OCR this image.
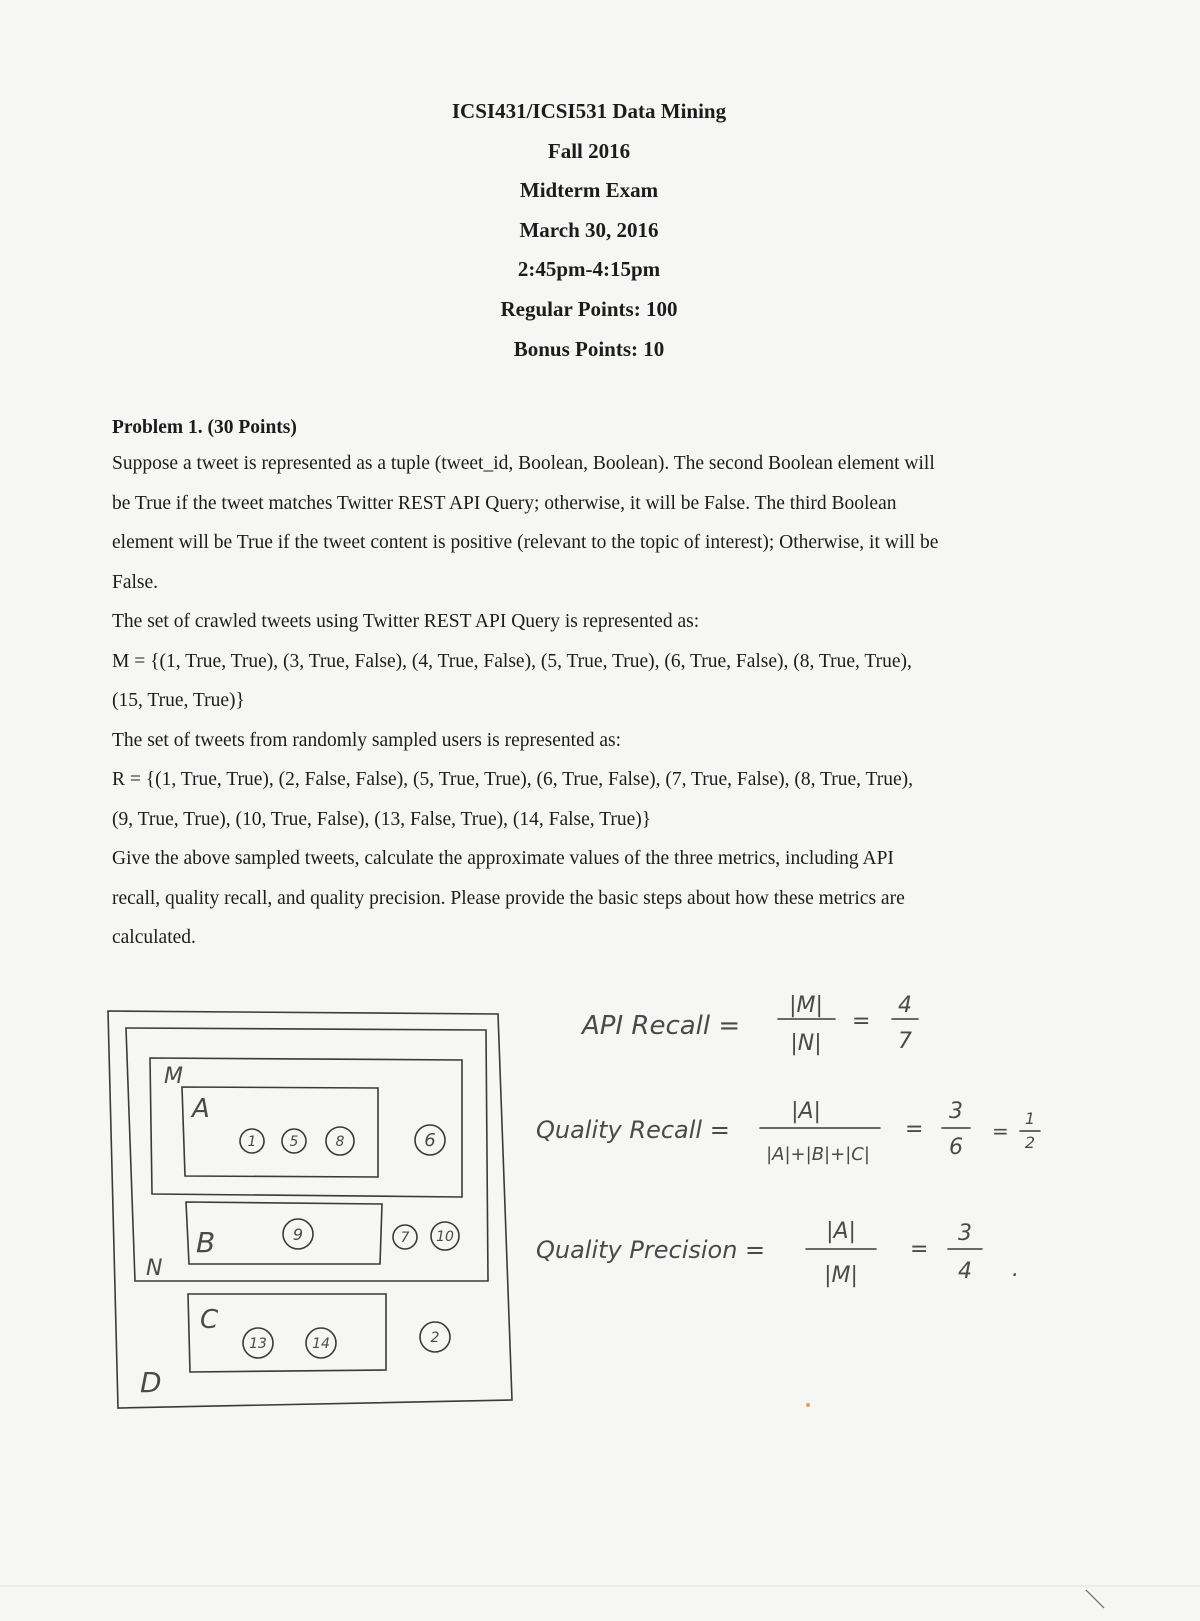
ICSI431/ICSI531 Data Mining
Fall 2016
Midterm Exam
March 30, 2016
2:45pm-4:15pm
Regular Points: 100
Bonus Points: 10
Problem 1. (30 Points)

Suppose a tweet is represented as a tuple (tweet_id, Boolean, Boolean). The second Boolean element will

be True if the tweet matches Twitter REST API Query; otherwise, it will be False. The third Boolean

element will be True if the tweet content is positive (relevant to the topic of interest); Otherwise, it will be

False.

The set of crawled tweets using Twitter REST API Query is represented as:

M = {(1, True, True), (3, True, False), (4, True, False), (5, True, True), (6, True, False), (8, True, True),

(15, True, True)}

The set of tweets from randomly sampled users is represented as:

R = {(1, True, True), (2, False, False), (5, True, True), (6, True, False), (7, True, False), (8, True, True),

(9, True, True), (10, True, False), (13, False, True), (14, False, True)}

Give the above sampled tweets, calculate the approximate values of the three metrics, including API

recall, quality recall, and quality precision. Please provide the basic steps about how these metrics are

calculated.

M
A
B
C
N
D
1 5	8	6
9	7 10
13	14	2
API Recall =
|M|
|N|
=
4
7
Quality Recall =
|A|
|A|+|B|+|C|
=
3
6
=
1
2
Quality Precision =
|A|
|M|
=
3
4 .
